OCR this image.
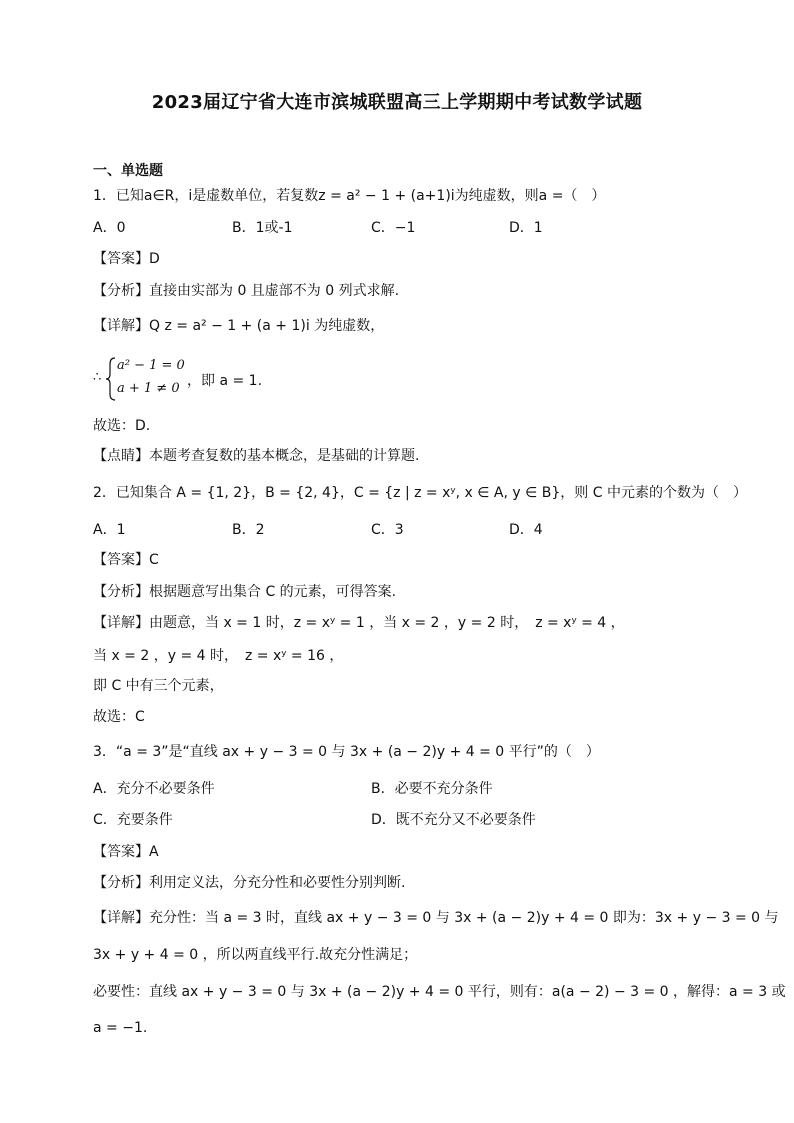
2023届辽宁省大连市滨城联盟高三上学期期中考试数学试题
一、单选题
1．已知a∈R，i是虚数单位，若复数z = a² − 1 + (a+1)i为纯虚数，则a =（　）
A．0	B．1或-1	C．−1	D．1
【答案】D
【分析】直接由实部为 0 且虚部不为 0 列式求解.
【详解】Q z = a² − 1 + (a + 1)i 为纯虚数，
∴
a² − 1 = 0
a + 1 ≠ 0 ，即 a = 1.
故选：D.
【点睛】本题考查复数的基本概念，是基础的计算题.
2．已知集合 A = {1, 2}，B = {2, 4}，C = {z | z = xʸ, x ∈ A, y ∈ B}，则 C 中元素的个数为（　）
A．1	B．2	C．3	D．4
【答案】C
【分析】根据题意写出集合 C 的元素，可得答案.
【详解】由题意，当 x = 1 时，z = xʸ = 1 ，当 x = 2 ，y = 2 时，　z = xʸ = 4 ，
当 x = 2 ，y = 4 时，　z = xʸ = 16 ，
即 C 中有三个元素，
故选：C
3．“a = 3”是“直线 ax + y − 3 = 0 与 3x + (a − 2)y + 4 = 0 平行”的（　）
A．充分不必要条件	B．必要不充分条件
C．充要条件	D．既不充分又不必要条件
【答案】A
【分析】利用定义法，分充分性和必要性分别判断.
【详解】充分性：当 a = 3 时，直线 ax + y − 3 = 0 与 3x + (a − 2)y + 4 = 0 即为：3x + y − 3 = 0 与
3x + y + 4 = 0 ，所以两直线平行.故充分性满足；
必要性：直线 ax + y − 3 = 0 与 3x + (a − 2)y + 4 = 0 平行，则有：a(a − 2) − 3 = 0 ，解得：a = 3 或
a = −1.
